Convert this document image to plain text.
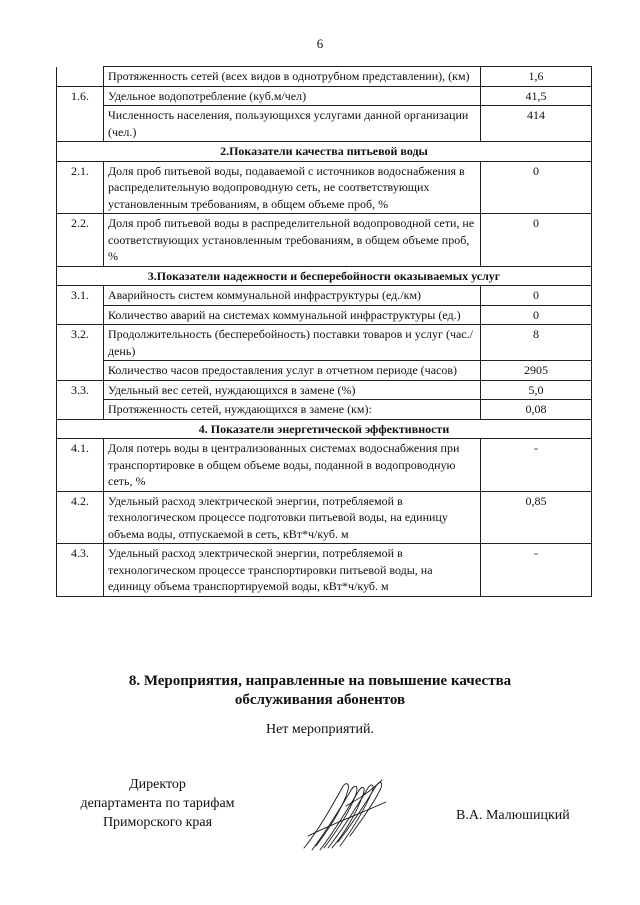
6
	Протяженность сетей (всех видов в однотрубном представлении), (км)	1,6
1.6.	Удельное водопотребление (куб.м/чел)	41,5
	Численность населения, пользующихся услугами данной организации (чел.)	414
2.Показатели качества питьевой воды		
2.1.	Доля проб питьевой воды, подаваемой с источников водоснабжения в распределительную водопроводную сеть, не соответствующих установленным требованиям, в общем объеме проб, %	0
2.2.	Доля проб питьевой воды в распределительной водопроводной сети, не соответствующих установленным требованиям, в общем объеме проб, %	0
3.Показатели надежности и бесперебойности оказываемых услуг		
3.1.	Аварийность систем коммунальной инфраструктуры (ед./км)	0
	Количество аварий на системах коммунальной инфраструктуры (ед.)	0
3.2.	Продолжительность (бесперебойность) поставки товаров и услуг (час./день)	8
	Количество часов предоставления услуг в отчетном периоде (часов)	2905
3.3.	Удельный вес сетей, нуждающихся в замене (%)	5,0
	Протяженность сетей, нуждающихся в замене (км):	0,08
4. Показатели энергетической эффективности		
4.1.	Доля потерь воды в централизованных системах водоснабжения при транспортировке в общем объеме воды, поданной в водопроводную сеть, %	-
4.2.	Удельный расход электрической энергии, потребляемой в технологическом процессе подготовки питьевой воды, на единицу объема воды, отпускаемой в сеть, кВт*ч/куб. м	0,85
4.3.	Удельный расход электрической энергии, потребляемой в технологическом процессе транспортировки питьевой воды, на единицу объема транспортируемой воды, кВт*ч/куб. м	-
8. Мероприятия, направленные на повышение качества
обслуживания абонентов
Нет мероприятий.
Директор
департамента по тарифам
Приморского края	В.А. Малюшицкий
